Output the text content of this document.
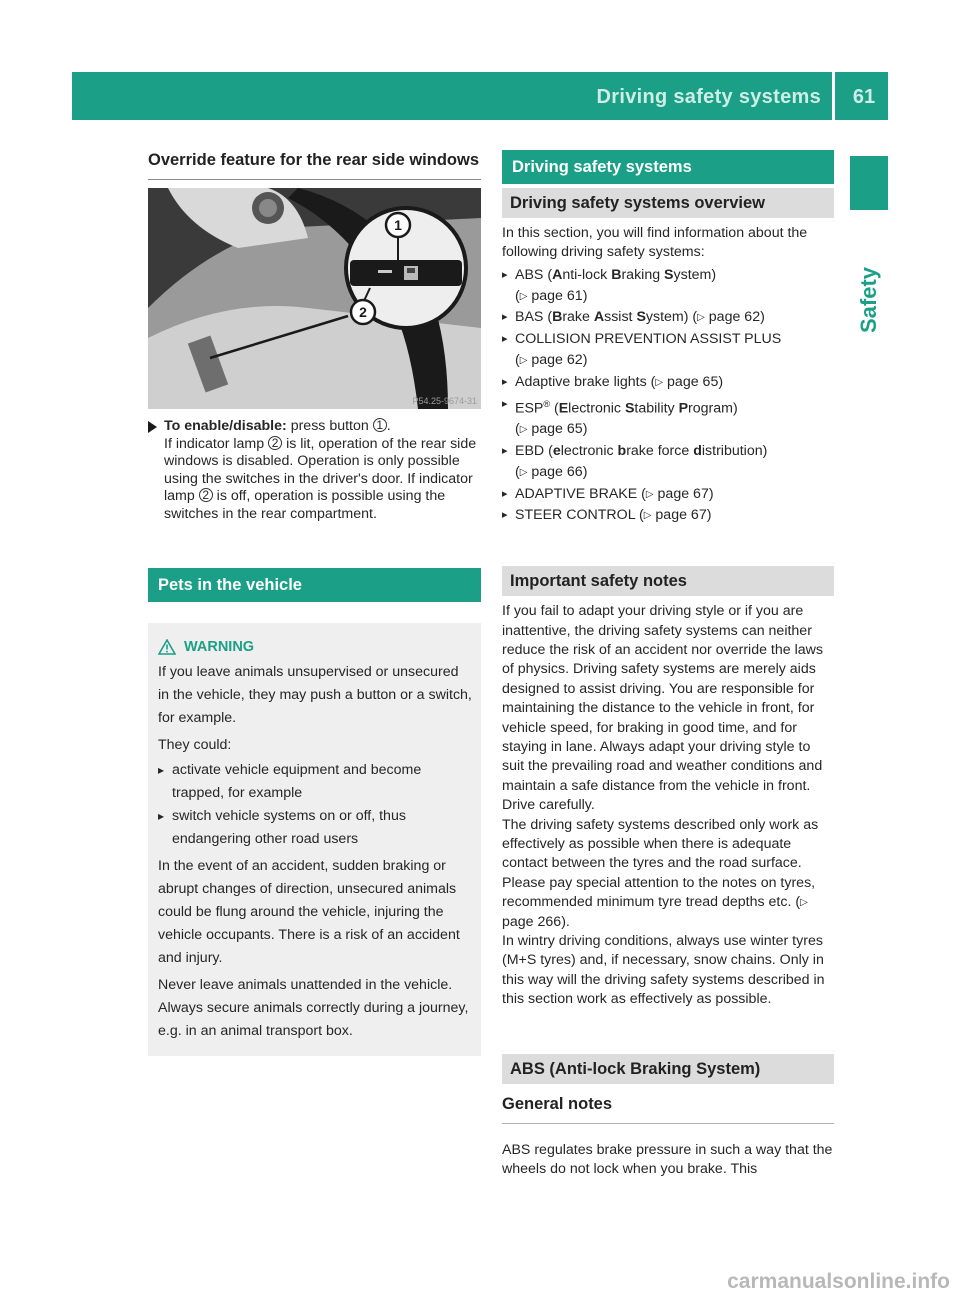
Driving safety systems	61
Safety
Override feature for the rear side windows
1
2
P54.25-9674-31
To enable/disable: press button 1 .
If indicator lamp 2 is lit, operation of the rear side windows is disabled. Operation is only possible using the switches in the driver's door. If indicator lamp 2 is off, operation is possible using the switches in the rear compartment.
Pets in the vehicle
WARNING

If you leave animals unsupervised or unsecured in the vehicle, they may push a button or a switch, for example.

They could:

▸ activate vehicle equipment and become trapped, for example
▸ switch vehicle systems on or off, thus endangering other road users

In the event of an accident, sudden braking or abrupt changes of direction, unsecured animals could be flung around the vehicle, injuring the vehicle occupants. There is a risk of an accident and injury.

Never leave animals unattended in the vehicle. Always secure animals correctly during a journey, e.g. in an animal transport box.

Driving safety systems
Driving safety systems overview

In this section, you will find information about the following driving safety systems:

▸ ABS (Anti-lock Braking System)
(▷ page 61)
▸ BAS (Brake Assist System) (▷ page 62)
▸ COLLISION PREVENTION ASSIST PLUS
(▷ page 62)
▸ Adaptive brake lights (▷ page 65)
▸ ESP® (Electronic Stability Program)
(▷ page 65)
▸ EBD (electronic brake force distribution)
(▷ page 66)
▸ ADAPTIVE BRAKE (▷ page 67)
▸ STEER CONTROL (▷ page 67)
Important safety notes

If you fail to adapt your driving style or if you are inattentive, the driving safety systems can neither reduce the risk of an accident nor override the laws of physics. Driving safety systems are merely aids designed to assist driving. You are responsible for maintaining the distance to the vehicle in front, for vehicle speed, for braking in good time, and for staying in lane. Always adapt your driving style to suit the prevailing road and weather conditions and maintain a safe distance from the vehicle in front. Drive carefully.

The driving safety systems described only work as effectively as possible when there is adequate contact between the tyres and the road surface. Please pay special attention to the notes on tyres, recommended minimum tyre tread depths etc. (▷ page 266).

In wintry driving conditions, always use winter tyres (M+S tyres) and, if necessary, snow chains. Only in this way will the driving safety systems described in this section work as effectively as possible.

ABS (Anti-lock Braking System)
General notes

ABS regulates brake pressure in such a way that the wheels do not lock when you brake. This

carmanualsonline.info
